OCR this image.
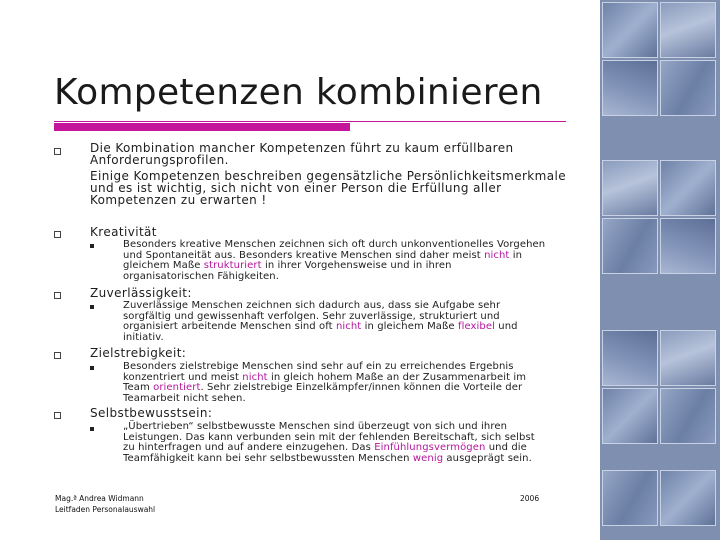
Kompetenzen kombinieren
Die Kombination mancher Kompetenzen führt zu kaum erfüllbaren
Anforderungsprofilen.
Einige Kompetenzen beschreiben gegensätzliche Persönlichkeitsmerkmale
und es ist wichtig, sich nicht von einer Person die Erfüllung aller
Kompetenzen zu erwarten !
Kreativität
Besonders kreative Menschen zeichnen sich oft durch unkonventionelles Vorgehen
und Spontaneität aus. Besonders kreative Menschen sind daher meist nicht in
gleichem Maße strukturiert in ihrer Vorgehensweise und in ihren
organisatorischen Fähigkeiten.
Zuverlässigkeit:
Zuverlässige Menschen zeichnen sich dadurch aus, dass sie Aufgabe sehr
sorgfältig und gewissenhaft verfolgen. Sehr zuverlässige, strukturiert und
organisiert arbeitende Menschen sind oft nicht in gleichem Maße flexibel und
initiativ.
Zielstrebigkeit:
Besonders zielstrebige Menschen sind sehr auf ein zu erreichendes Ergebnis
konzentriert und meist nicht in gleich hohem Maße an der Zusammenarbeit im
Team orientiert. Sehr zielstrebige Einzelkämpfer/innen können die Vorteile der
Teamarbeit nicht sehen.
Selbstbewusstsein:
„Übertrieben“ selbstbewusste Menschen sind überzeugt von sich und ihren
Leistungen. Das kann verbunden sein mit der fehlenden Bereitschaft, sich selbst
zu hinterfragen und auf andere einzugehen. Das Einfühlungsvermögen und die
Teamfähigkeit kann bei sehr selbstbewussten Menschen wenig ausgeprägt sein.
Mag.ª Andrea Widmann
Leitfaden Personalauswahl
2006
